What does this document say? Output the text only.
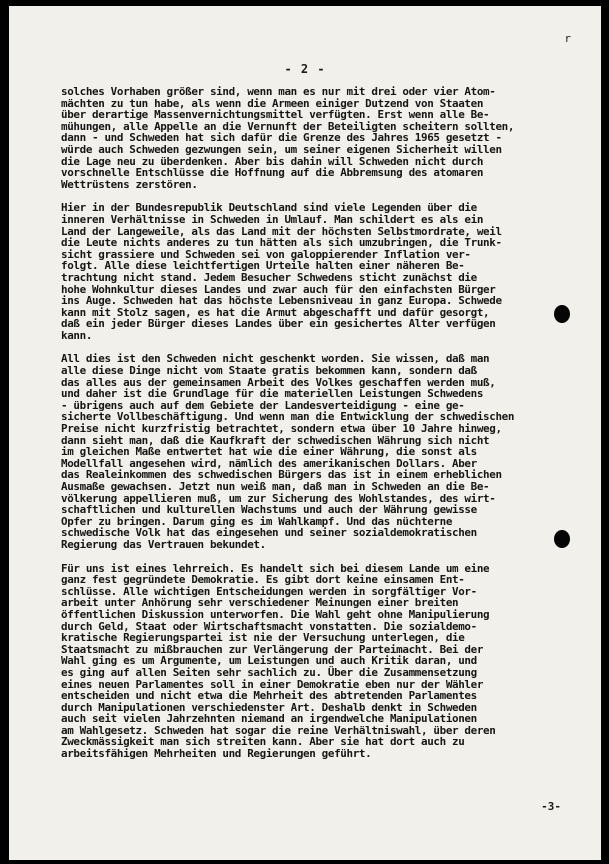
r
- 2 -
solches Vorhaben größer sind, wenn man es nur mit drei oder vier Atom-
mächten zu tun habe, als wenn die Armeen einiger Dutzend von Staaten
über derartige Massenvernichtungsmittel verfügten. Erst wenn alle Be-
mühungen, alle Appelle an die Vernunft der Beteiligten scheitern sollten,
dann - und Schweden hat sich dafür die Grenze des Jahres 1965 gesetzt -
würde auch Schweden gezwungen sein, um seiner eigenen Sicherheit willen
die Lage neu zu überdenken. Aber bis dahin will Schweden nicht durch
vorschnelle Entschlüsse die Hoffnung auf die Abbremsung des atomaren
Wettrüstens zerstören.
Hier in der Bundesrepublik Deutschland sind viele Legenden über die
inneren Verhältnisse in Schweden in Umlauf. Man schildert es als ein
Land der Langeweile, als das Land mit der höchsten Selbstmordrate, weil
die Leute nichts anderes zu tun hätten als sich umzubringen, die Trunk-
sicht grassiere und Schweden sei von galoppierender Inflation ver-
folgt. Alle diese leichtfertigen Urteile halten einer näheren Be-
trachtung nicht stand. Jedem Besucher Schwedens sticht zunächst die
hohe Wohnkultur dieses Landes und zwar auch für den einfachsten Bürger
ins Auge. Schweden hat das höchste Lebensniveau in ganz Europa. Schwede
kann mit Stolz sagen, es hat die Armut abgeschafft und dafür gesorgt,
daß ein jeder Bürger dieses Landes über ein gesichertes Alter verfügen
kann.
All dies ist den Schweden nicht geschenkt worden. Sie wissen, daß man
alle diese Dinge nicht vom Staate gratis bekommen kann, sondern daß
das alles aus der gemeinsamen Arbeit des Volkes geschaffen werden muß,
und daher ist die Grundlage für die materiellen Leistungen Schwedens
- übrigens auch auf dem Gebiete der Landesverteidigung - eine ge-
sicherte Vollbeschäftigung. Und wenn man die Entwicklung der schwedischen
Preise nicht kurzfristig betrachtet, sondern etwa über 10 Jahre hinweg,
dann sieht man, daß die Kaufkraft der schwedischen Währung sich nicht
im gleichen Maße entwertet hat wie die einer Währung, die sonst als
Modellfall angesehen wird, nämlich des amerikanischen Dollars. Aber
das Realeinkommen des schwedischen Bürgers das ist in einem erheblichen
Ausmaße gewachsen. Jetzt nun weiß man, daß man in Schweden an die Be-
völkerung appellieren muß, um zur Sicherung des Wohlstandes, des wirt-
schaftlichen und kulturellen Wachstums und auch der Währung gewisse
Opfer zu bringen. Darum ging es im Wahlkampf. Und das nüchterne
schwedische Volk hat das eingesehen und seiner sozialdemokratischen
Regierung das Vertrauen bekundet.
Für uns ist eines lehrreich. Es handelt sich bei diesem Lande um eine
ganz fest gegründete Demokratie. Es gibt dort keine einsamen Ent-
schlüsse. Alle wichtigen Entscheidungen werden in sorgfältiger Vor-
arbeit unter Anhörung sehr verschiedener Meinungen einer breiten
öffentlichen Diskussion unterworfen. Die Wahl geht ohne Manipulierung
durch Geld, Staat oder Wirtschaftsmacht vonstatten. Die sozialdemo-
kratische Regierungspartei ist nie der Versuchung unterlegen, die
Staatsmacht zu mißbrauchen zur Verlängerung der Parteimacht. Bei der
Wahl ging es um Argumente, um Leistungen und auch Kritik daran, und
es ging auf allen Seiten sehr sachlich zu. Über die Zusammensetzung
eines neuen Parlamentes soll in einer Demokratie eben nur der Wähler
entscheiden und nicht etwa die Mehrheit des abtretenden Parlamentes
durch Manipulationen verschiedenster Art. Deshalb denkt in Schweden
auch seit vielen Jahrzehnten niemand an irgendwelche Manipulationen
am Wahlgesetz. Schweden hat sogar die reine Verhältniswahl, über deren
Zweckmässigkeit man sich streiten kann. Aber sie hat dort auch zu
arbeitsfähigen Mehrheiten und Regierungen geführt.
-3-
